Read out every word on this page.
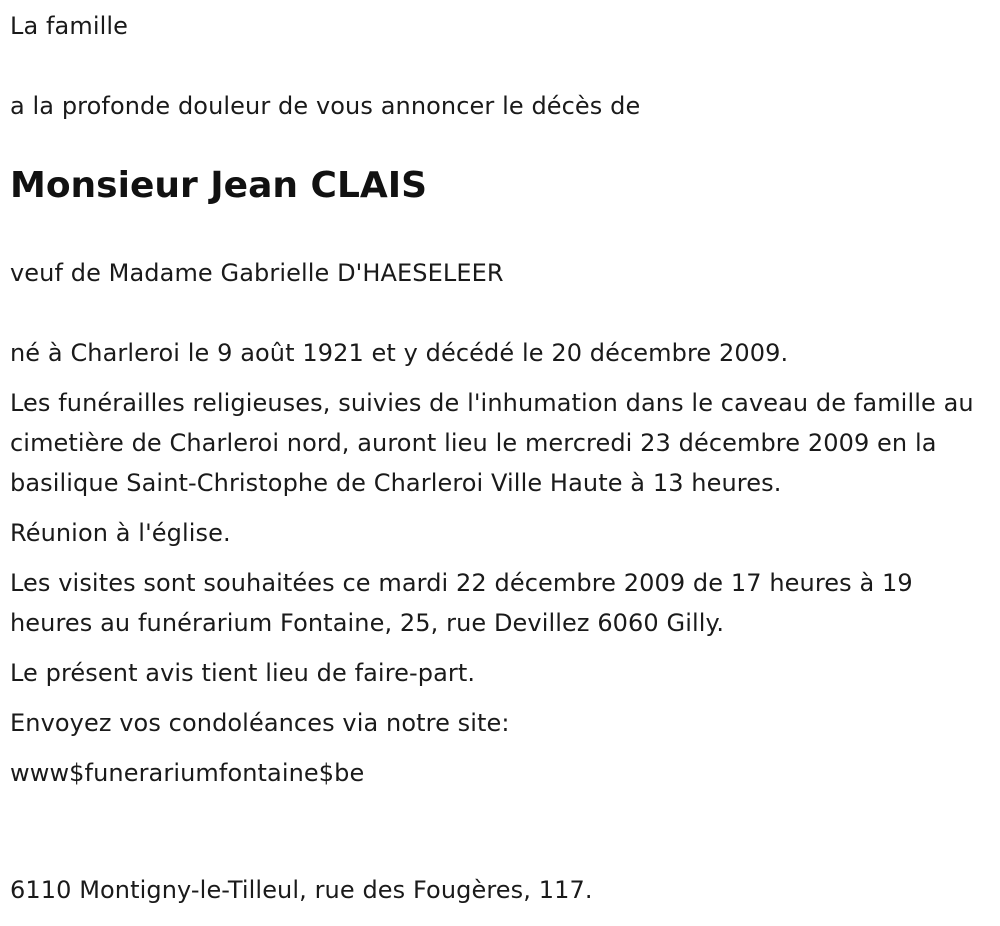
La famille

a la profonde douleur de vous annoncer le décès de

Monsieur Jean CLAIS

veuf de Madame Gabrielle D'HAESELEER

né à Charleroi le 9 août 1921 et y décédé le 20 décembre 2009.

Les funérailles religieuses, suivies de l'inhumation dans le caveau de famille au cimetière de Charleroi nord, auront lieu le mercredi 23 décembre 2009 en la basilique Saint-Christophe de Charleroi Ville Haute à 13 heures.

Réunion à l'église.

Les visites sont souhaitées ce mardi 22 décembre 2009 de 17 heures à 19 heures au funérarium Fontaine, 25, rue Devillez 6060 Gilly.

Le présent avis tient lieu de faire-part.

Envoyez vos condoléances via notre site:

www$funerariumfontaine$be

6110 Montigny-le-Tilleul, rue des Fougères, 117.
